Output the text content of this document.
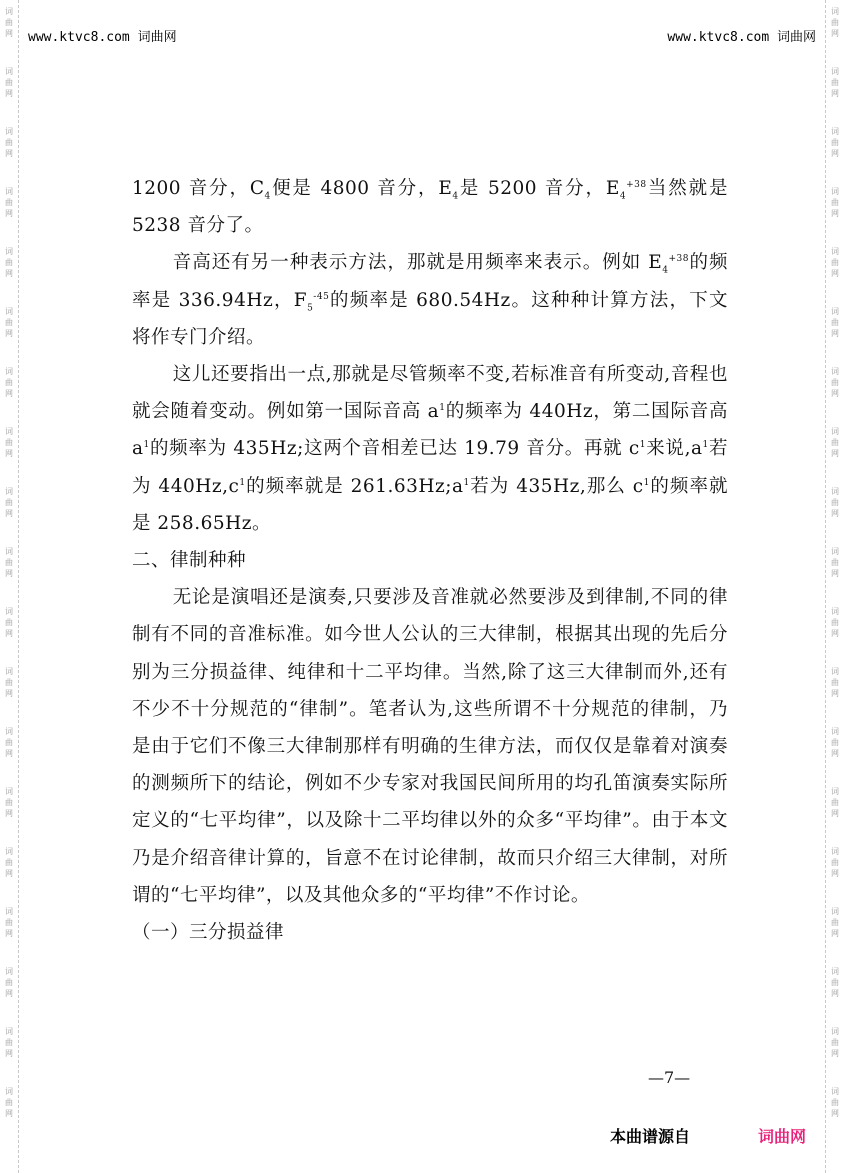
词
曲
网
词
曲
网
词
曲
网
词
曲
网
词
曲
网
词
曲
网
词
曲
网
词
曲
网
词
曲
网
词
曲
网
词
曲
网
词
曲
网
词
曲
网
词
曲
网
词
曲
网
词
曲
网
词
曲
网
词
曲
网
词
曲
网
词
曲
网
词
曲
网
词
曲
网
词
曲
网
词
曲
网
词
曲
网
词
曲
网
词
曲
网
词
曲
网
词
曲
网
词
曲
网
词
曲
网
词
曲
网
词
曲
网
词
曲
网
词
曲
网
词
曲
网
词
曲
网
词
曲
网
www.ktvc8.com 词曲网	www.ktvc8.com 词曲网

1200 音分，$C_4$便是 4800 音分，$E_4$是 5200 音分，$E_4^{+38}$当然就是 5238 音分了。

音高还有另一种表示方法，那就是用频率来表示。例如 $E_4^{+38}$的频率是 336.94Hz，$F_5^{-45}$的频率是 680.54Hz。这种种计算方法，下文将作专门介绍。

这儿还要指出一点,那就是尽管频率不变,若标准音有所变动,音程也就会随着变动。例如第一国际音高 $a^1$的频率为 440Hz，第二国际音高 $a^1$的频率为 435Hz;这两个音相差已达 19.79 音分。再就 $c^1$来说$,a^1$若为 $440Hz,c^1$的频率就是 $261.63Hz;a^1$若为 435Hz,那么 $c^1$的频率就是 258.65Hz。

二、律制种种

无论是演唱还是演奏,只要涉及音准就必然要涉及到律制,不同的律制有不同的音准标准。如今世人公认的三大律制，根据其出现的先后分别为三分损益律、纯律和十二平均律。当然,除了这三大律制而外,还有不少不十分规范的“律制”。笔者认为,这些所谓不十分规范的律制，乃是由于它们不像三大律制那样有明确的生律方法，而仅仅是靠着对演奏的测频所下的结论，例如不少专家对我国民间所用的均孔笛演奏实际所定义的“七平均律”，以及除十二平均律以外的众多“平均律”。由于本文乃是介绍音律计算的，旨意不在讨论律制，故而只介绍三大律制，对所谓的“七平均律”，以及其他众多的“平均律”不作讨论。

（一）三分损益律

—7—
本曲谱源自	词曲网
